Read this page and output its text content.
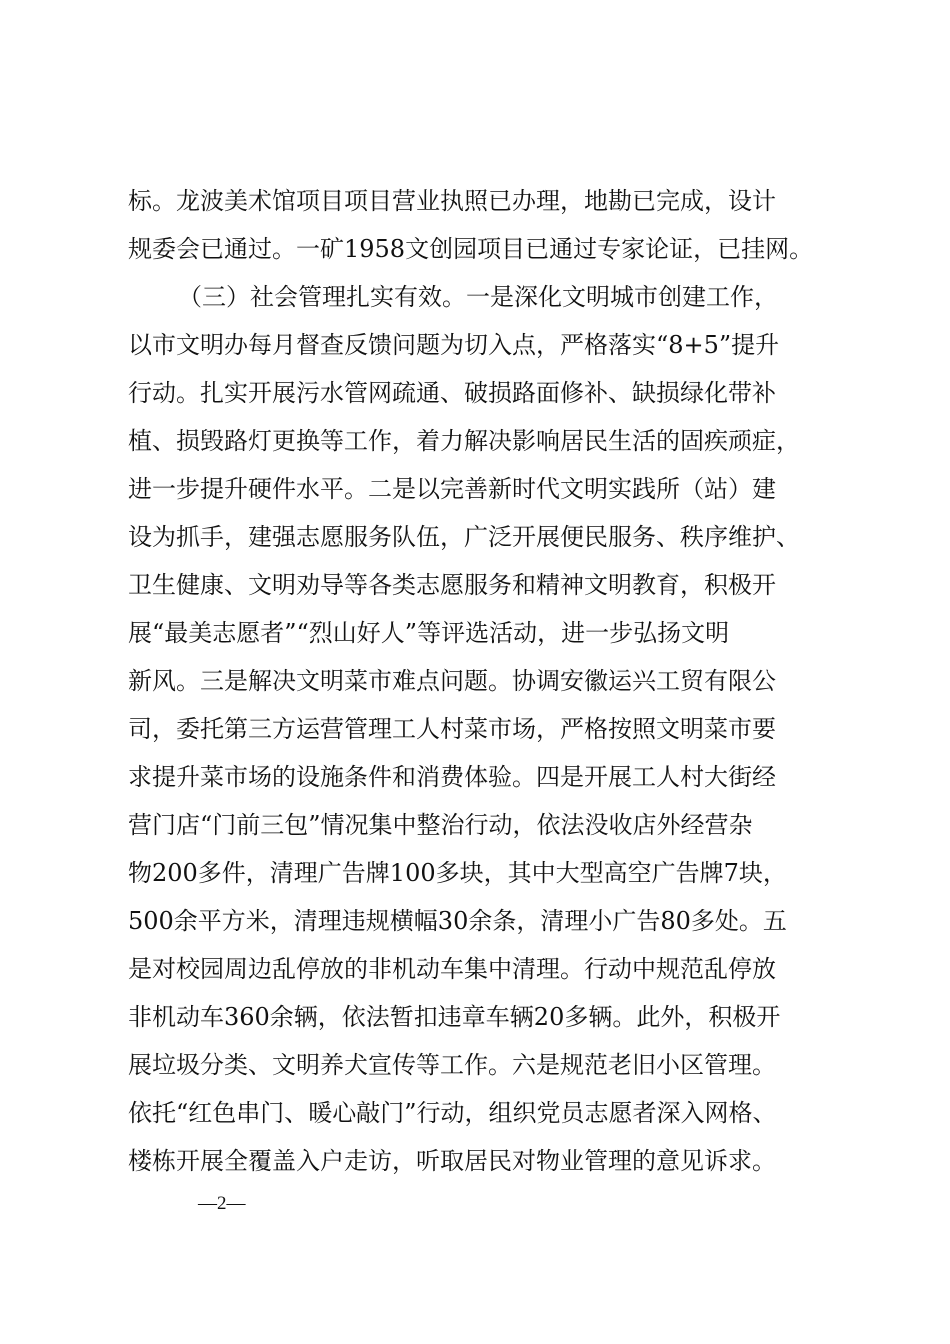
标。龙波美术馆项目项目营业执照已办理，地勘已完成，设计
规委会已通过。一矿1958文创园项目已通过专家论证，已挂网。
（三）社会管理扎实有效。一是深化文明城市创建工作，
以市文明办每月督查反馈问题为切入点，严格落实“8+5”提升
行动。扎实开展污水管网疏通、破损路面修补、缺损绿化带补
植、损毁路灯更换等工作，着力解决影响居民生活的固疾顽症，
进一步提升硬件水平。二是以完善新时代文明实践所（站）建
设为抓手，建强志愿服务队伍，广泛开展便民服务、秩序维护、
卫生健康、文明劝导等各类志愿服务和精神文明教育，积极开
展“最美志愿者”“烈山好人”等评选活动，进一步弘扬文明
新风。三是解决文明菜市难点问题。协调安徽运兴工贸有限公
司，委托第三方运营管理工人村菜市场，严格按照文明菜市要
求提升菜市场的设施条件和消费体验。四是开展工人村大街经
营门店“门前三包”情况集中整治行动，依法没收店外经营杂
物200多件，清理广告牌100多块，其中大型高空广告牌7块，
500余平方米，清理违规横幅30余条，清理小广告80多处。五
是对校园周边乱停放的非机动车集中清理。行动中规范乱停放
非机动车360余辆，依法暂扣违章车辆20多辆。此外，积极开
展垃圾分类、文明养犬宣传等工作。六是规范老旧小区管理。
依托“红色串门、暖心敲门”行动，组织党员志愿者深入网格、
楼栋开展全覆盖入户走访，听取居民对物业管理的意见诉求。
—2—
